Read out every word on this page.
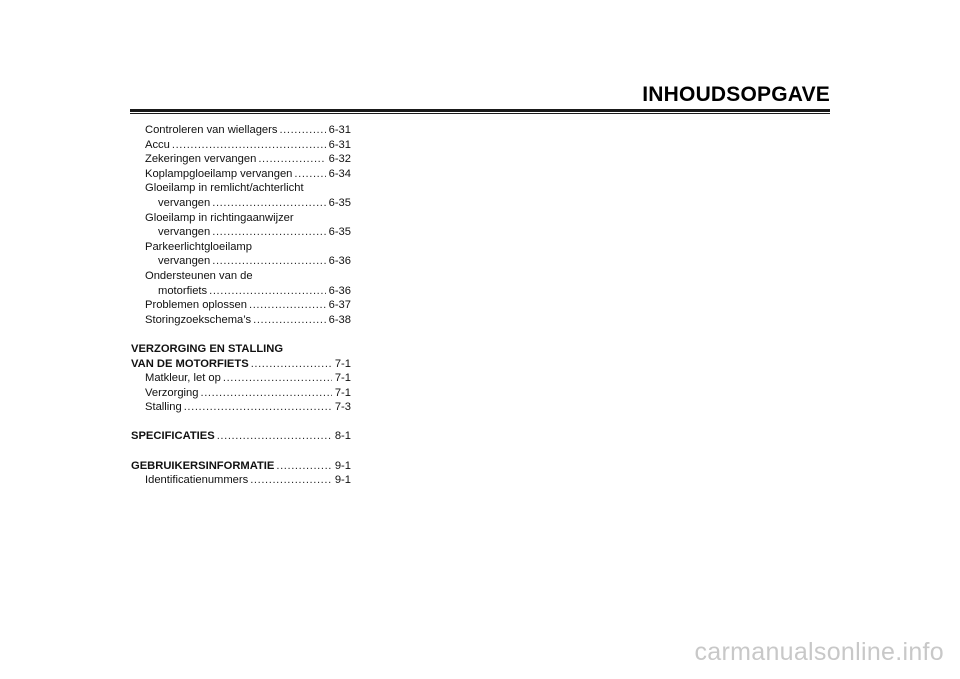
INHOUDSOPGAVE
Controleren van wiellagers .....	6-31
Accu .....	6-31
Zekeringen vervangen .....	6-32
Koplampgloeilamp vervangen .....	6-34
Gloeilamp in remlicht/achterlicht
vervangen .....	6-35
Gloeilamp in richtingaanwijzer
vervangen .....	6-35
Parkeerlichtgloeilamp
vervangen .....	6-36
Ondersteunen van de
motorfiets .....	6-36
Problemen oplossen .....	6-37
Storingzoekschema’s .....	6-38
VERZORGING EN STALLING
VAN DE MOTORFIETS .....	7-1
Matkleur, let op .....	7-1
Verzorging .....	7-1
Stalling .....	7-3
SPECIFICATIES .....	8-1
GEBRUIKERSINFORMATIE .....	9-1
Identificatienummers .....	9-1
carmanualsonline.info
